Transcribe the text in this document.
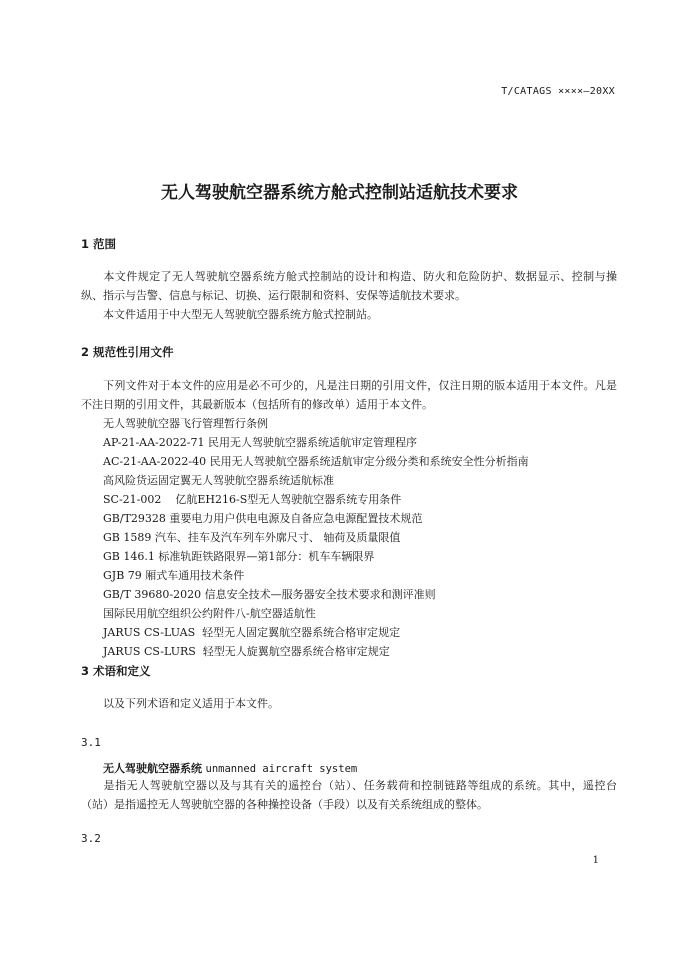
T/CATAGS ××××—20XX
无人驾驶航空器系统方舱式控制站适航技术要求
1 范围
本文件规定了无人驾驶航空器系统方舱式控制站的设计和构造、防火和危险防护、数据显示、控制与操纵、指示与告警、信息与标记、切换、运行限制和资料、安保等适航技术要求。
本文件适用于中大型无人驾驶航空器系统方舱式控制站。
2 规范性引用文件
下列文件对于本文件的应用是必不可少的，凡是注日期的引用文件，仅注日期的版本适用于本文件。凡是不注日期的引用文件，其最新版本（包括所有的修改单）适用于本文件。
无人驾驶航空器飞行管理暂行条例
AP-21-AA-2022-71 民用无人驾驶航空器系统适航审定管理程序
AC-21-AA-2022-40 民用无人驾驶航空器系统适航审定分级分类和系统安全性分析指南
高风险货运固定翼无人驾驶航空器系统适航标准
SC-21-002    亿航EH216-S型无人驾驶航空器系统专用条件
GB/T29328 重要电力用户供电电源及自备应急电源配置技术规范
GB 1589 汽车、挂车及汽车列车外廓尺寸、 轴荷及质量限值
GB 146.1 标准轨距铁路限界—第1部分：机车车辆限界
GJB 79 厢式车通用技术条件
GB/T 39680-2020 信息安全技术—服务器安全技术要求和测评准则
国际民用航空组织公约附件八-航空器适航性
JARUS CS-LUAS  轻型无人固定翼航空器系统合格审定规定
JARUS CS-LURS  轻型无人旋翼航空器系统合格审定规定
3 术语和定义
以及下列术语和定义适用于本文件。
3.1
无人驾驶航空器系统 unmanned aircraft system
是指无人驾驶航空器以及与其有关的遥控台（站）、任务载荷和控制链路等组成的系统。其中，遥控台（站）是指遥控无人驾驶航空器的各种操控设备（手段）以及有关系统组成的整体。
3.2
1
